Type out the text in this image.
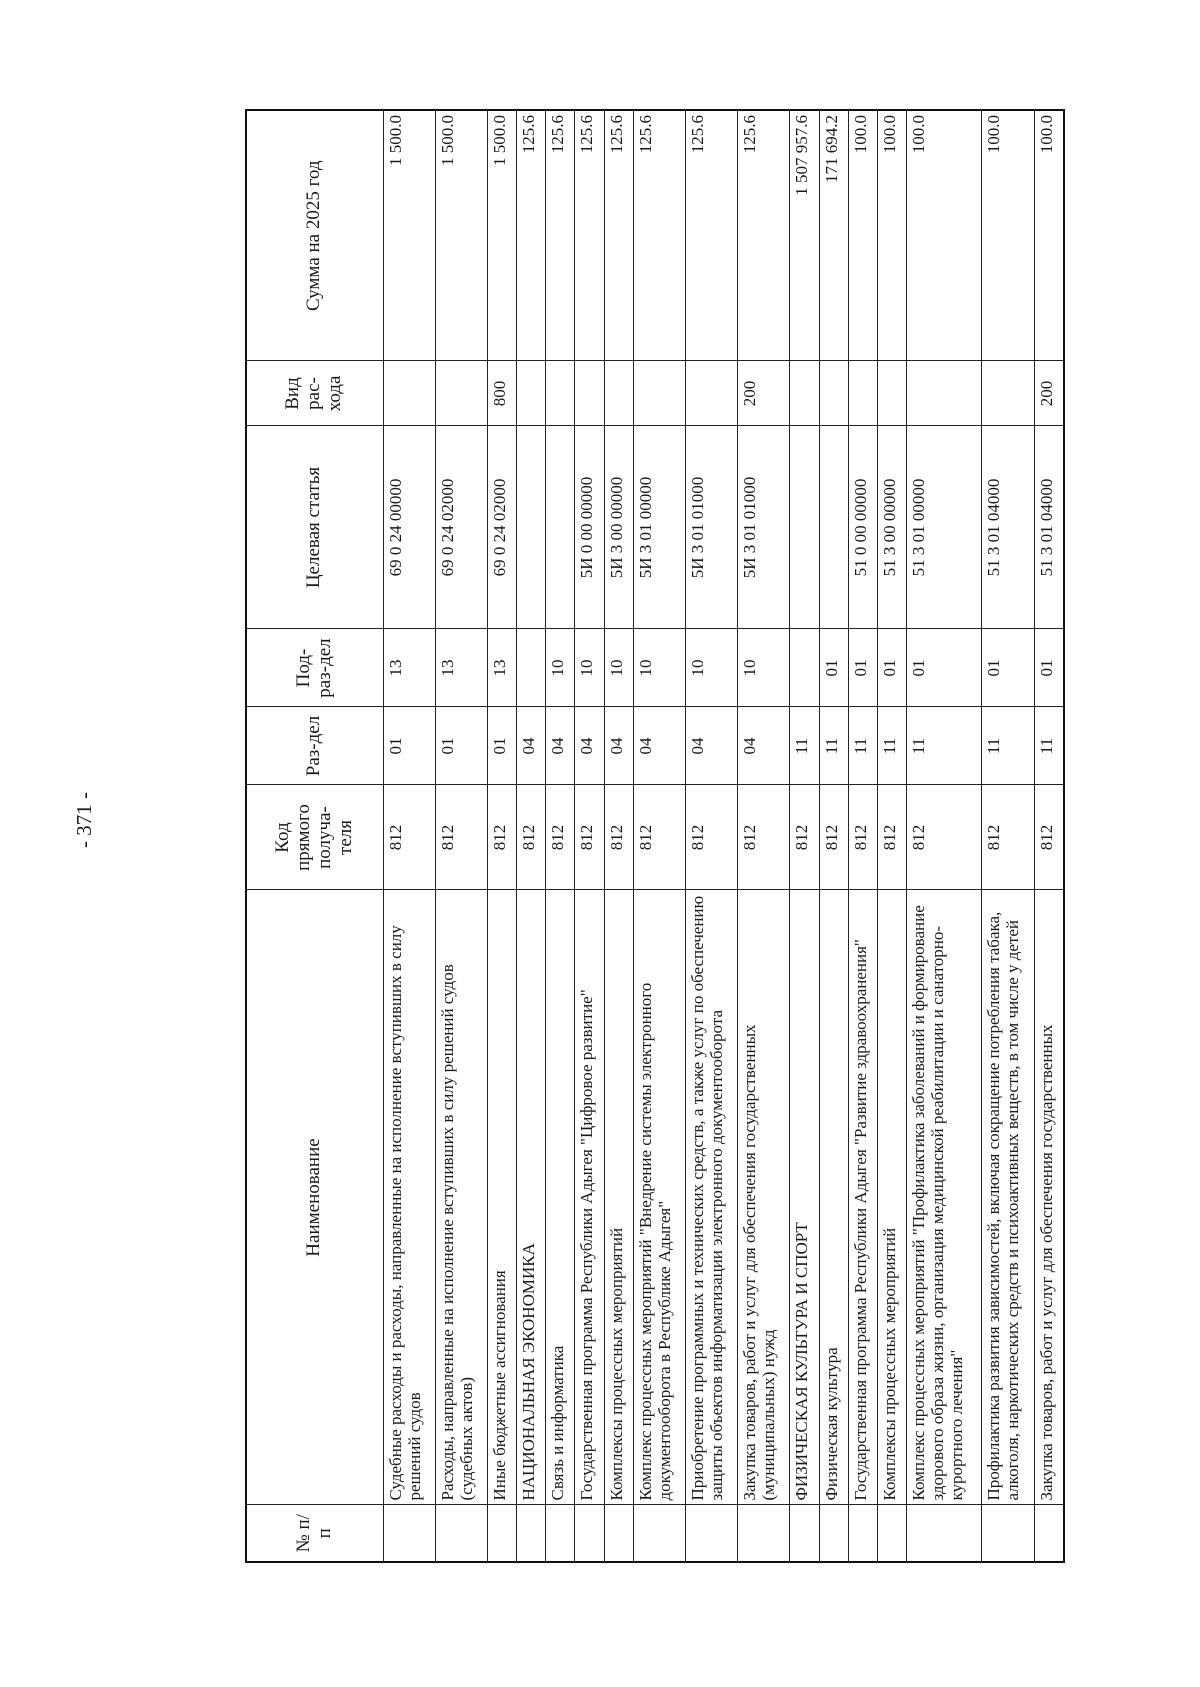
- 371 -
№ п/п	Наименование	Код прямого получа-теля	Раз-дел	Под-раз-дел	Целевая статья	Вид рас-хода	Сумма на 2025 год
	Судебные расходы и расходы, направленные на исполнение вступивших в силу решений судов	812	01	13	69 0 24 00000		1 500.0
	Расходы, направленные на исполнение вступивших в силу решений судов (судебных актов)	812	01	13	69 0 24 02000		1 500.0
	Иные бюджетные ассигнования	812	01	13	69 0 24 02000	800	1 500.0
	НАЦИОНАЛЬНАЯ ЭКОНОМИКА	812	04				125.6
	Связь и информатика	812	04	10			125.6
	Государственная программа Республики Адыгея "Цифровое развитие"	812	04	10	5И 0 00 00000		125.6
	Комплексы процессных мероприятий	812	04	10	5И 3 00 00000		125.6
	Комплекс процессных мероприятий "Внедрение системы электронного документооборота в Республике Адыгея"	812	04	10	5И 3 01 00000		125.6
	Приобретение программных и технических средств, а также услуг по обеспечению защиты объектов информатизации электронного документооборота	812	04	10	5И 3 01 01000		125.6
	Закупка товаров, работ и услуг для обеспечения государственных (муниципальных) нужд	812	04	10	5И 3 01 01000	200	125.6
	ФИЗИЧЕСКАЯ КУЛЬТУРА И СПОРТ	812	11				1 507 957.6
	Физическая культура	812	11	01			171 694.2
	Государственная программа Республики Адыгея "Развитие здравоохранения"	812	11	01	51 0 00 00000		100.0
	Комплексы процессных мероприятий	812	11	01	51 3 00 00000		100.0
	Комплекс процессных мероприятий "Профилактика заболеваний и формирование здорового образа жизни, организация медицинской реабилитации и санаторно-курортного лечения"	812	11	01	51 3 01 00000		100.0
	Профилактика развития зависимостей, включая сокращение потребления табака, алкоголя, наркотических средств и психоактивных веществ, в том числе у детей	812	11	01	51 3 01 04000		100.0
	Закупка товаров, работ и услуг для обеспечения государственных	812	11	01	51 3 01 04000	200	100.0
